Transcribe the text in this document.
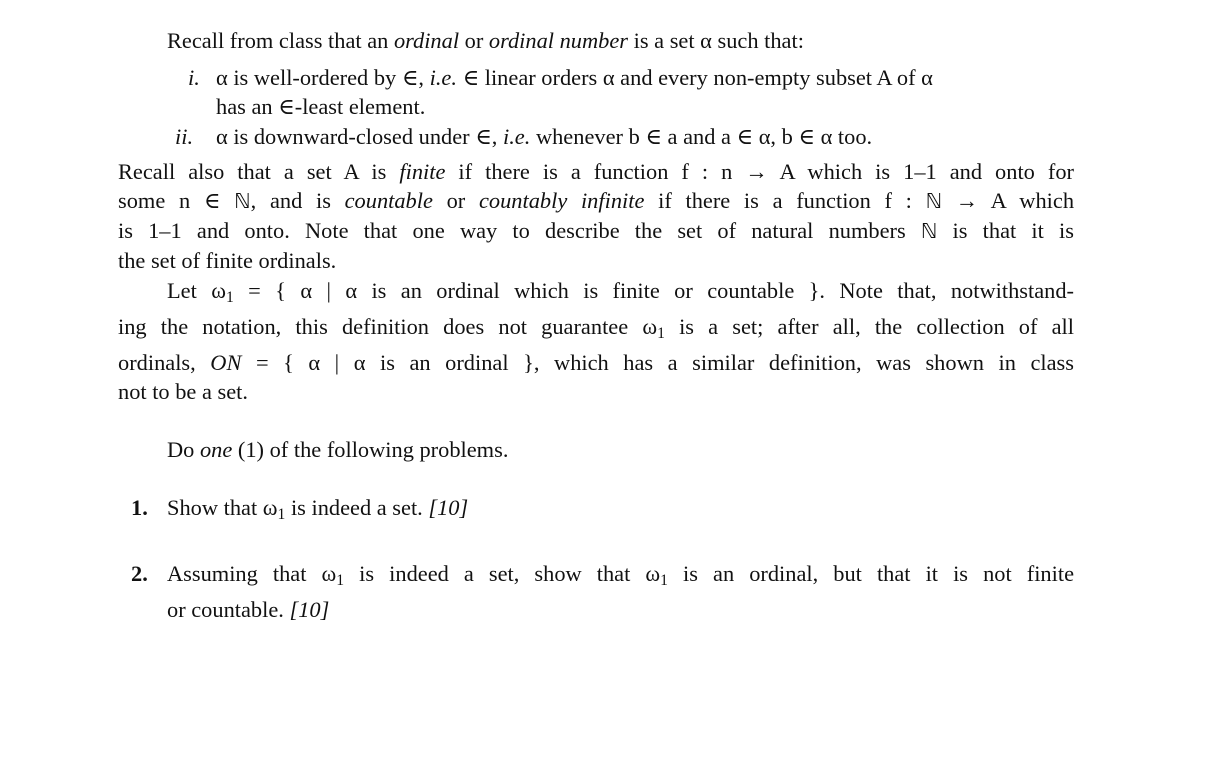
Recall from class that an ordinal or ordinal number is a set α such that:
i. α is well-ordered by ∈, i.e. ∈ linear orders α and every non-empty subset A of α
has an ∈-least element.
ii. α is downward-closed under ∈, i.e. whenever b ∈ a and a ∈ α, b ∈ α too.
Recall also that a set A is finite if there is a function f : n → A which is 1–1 and onto for
some n ∈ ℕ, and is countable or countably infinite if there is a function f : ℕ → A which
is 1–1 and onto. Note that one way to describe the set of natural numbers ℕ is that it is
the set of finite ordinals.
Let $\omega_1$ = { α | α is an ordinal which is finite or countable }. Note that, notwithstand-
ing the notation, this definition does not guarantee $\omega_1$ is a set; after all, the collection of all
ordinals, ON = { α | α is an ordinal }, which has a similar definition, was shown in class
not to be a set.
Do one (1) of the following problems.
1. Show that $\omega_1$ is indeed a set. [10]
2. Assuming that $\omega_1$ is indeed a set, show that $\omega_1$ is an ordinal, but that it is not finite
or countable. [10]
